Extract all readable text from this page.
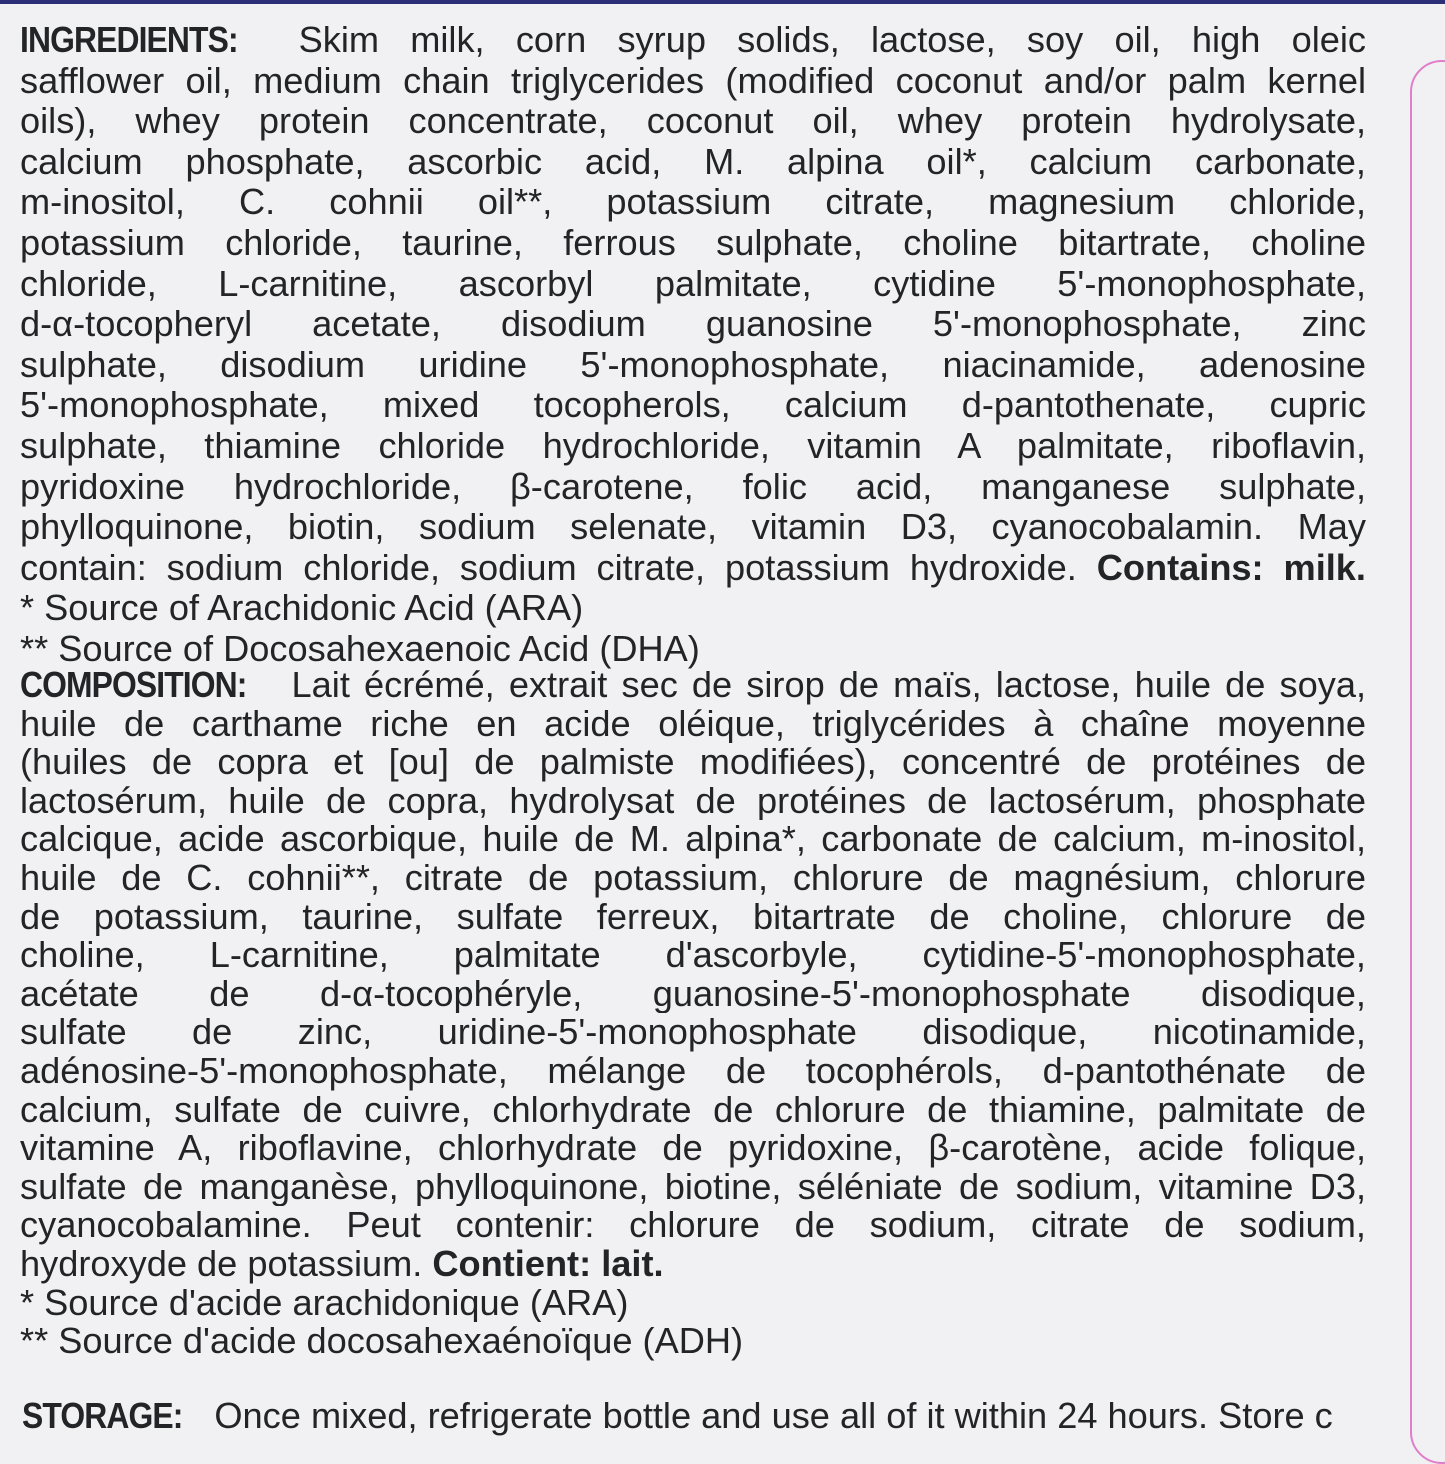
INGREDIENTS: Skim milk, corn syrup solids, lactose, soy oil, high oleic
safflower oil, medium chain triglycerides (modified coconut and/or palm kernel
oils), whey protein concentrate, coconut oil, whey protein hydrolysate,
calcium phosphate, ascorbic acid, M. alpina oil*, calcium carbonate,
m-inositol, C. cohnii oil**, potassium citrate, magnesium chloride,
potassium chloride, taurine, ferrous sulphate, choline bitartrate, choline
chloride, L-carnitine, ascorbyl palmitate, cytidine 5'-monophosphate,
d-α-tocopheryl acetate, disodium guanosine 5'-monophosphate, zinc
sulphate, disodium uridine 5'-monophosphate, niacinamide, adenosine
5'-monophosphate, mixed tocopherols, calcium d-pantothenate, cupric
sulphate, thiamine chloride hydrochloride, vitamin A palmitate, riboflavin,
pyridoxine hydrochloride, β-carotene, folic acid, manganese sulphate,
phylloquinone, biotin, sodium selenate, vitamin D3, cyanocobalamin. May
contain: sodium chloride, sodium citrate, potassium hydroxide. Contains: milk.
* Source of Arachidonic Acid (ARA)
** Source of Docosahexaenoic Acid (DHA)
COMPOSITION: Lait écrémé, extrait sec de sirop de maïs, lactose, huile de soya,
huile de carthame riche en acide oléique, triglycérides à chaîne moyenne
(huiles de copra et [ou] de palmiste modifiées), concentré de protéines de
lactosérum, huile de copra, hydrolysat de protéines de lactosérum, phosphate
calcique, acide ascorbique, huile de M. alpina*, carbonate de calcium, m-inositol,
huile de C. cohnii**, citrate de potassium, chlorure de magnésium, chlorure
de potassium, taurine, sulfate ferreux, bitartrate de choline, chlorure de
choline, L-carnitine, palmitate d'ascorbyle, cytidine-5'-monophosphate,
acétate de d-α-tocophéryle, guanosine-5'-monophosphate disodique,
sulfate de zinc, uridine-5'-monophosphate disodique, nicotinamide,
adénosine-5'-monophosphate, mélange de tocophérols, d-pantothénate de
calcium, sulfate de cuivre, chlorhydrate de chlorure de thiamine, palmitate de
vitamine A, riboflavine, chlorhydrate de pyridoxine, β-carotène, acide folique,
sulfate de manganèse, phylloquinone, biotine, séléniate de sodium, vitamine D3,
cyanocobalamine. Peut contenir: chlorure de sodium, citrate de sodium,
hydroxyde de potassium. Contient: lait.
* Source d'acide arachidonique (ARA)
** Source d'acide docosahexaénoïque (ADH)
STORAGE: Once mixed, refrigerate bottle and use all of it within 24 hours. Store c
